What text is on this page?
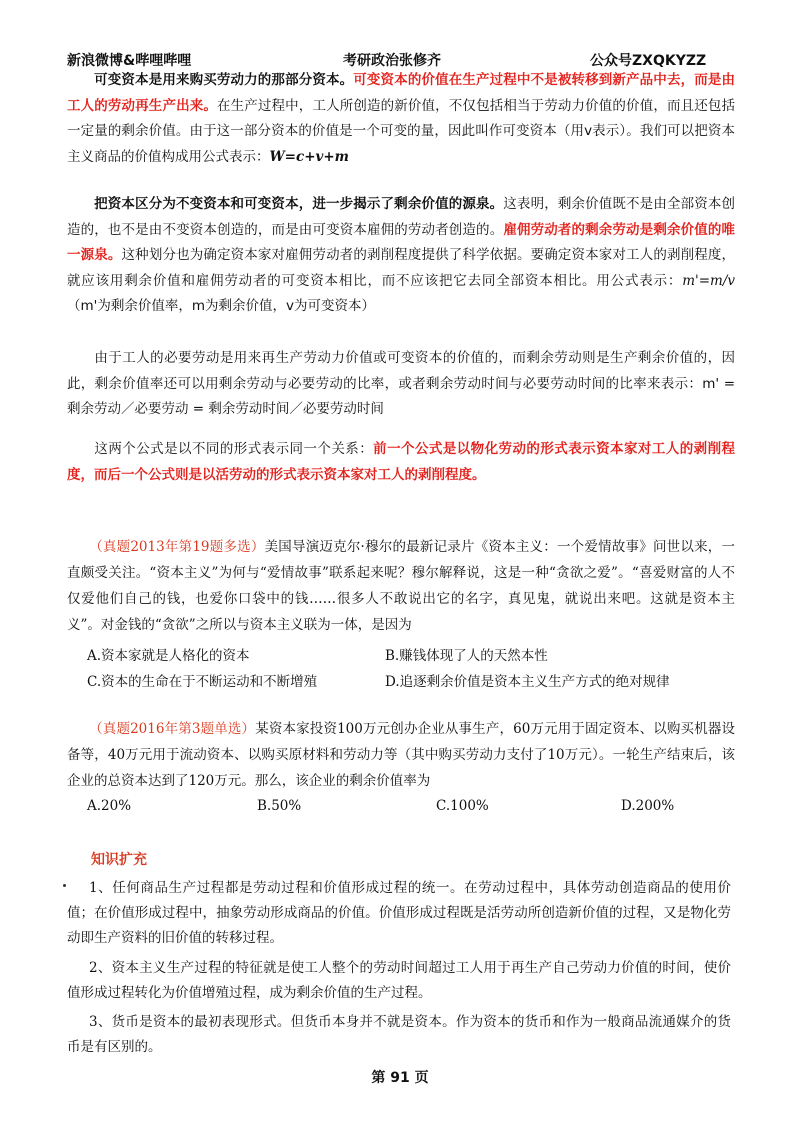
新浪微博&哔哩哔哩	考研政治张修齐	公众号ZXQKYZZ

可变资本是用来购买劳动力的那部分资本。可变资本的价值在生产过程中不是被转移到新产品中去，而是由工人的劳动再生产出来。在生产过程中，工人所创造的新价值，不仅包括相当于劳动力价值的价值，而且还包括一定量的剩余价值。由于这一部分资本的价值是一个可变的量，因此叫作可变资本（用v表示）。我们可以把资本主义商品的价值构成用公式表示：W=c+v+m

把资本区分为不变资本和可变资本，进一步揭示了剩余价值的源泉。这表明，剩余价值既不是由全部资本创造的，也不是由不变资本创造的，而是由可变资本雇佣的劳动者创造的。雇佣劳动者的剩余劳动是剩余价值的唯一源泉。这种划分也为确定资本家对雇佣劳动者的剥削程度提供了科学依据。要确定资本家对工人的剥削程度，就应该用剩余价值和雇佣劳动者的可变资本相比，而不应该把它去同全部资本相比。用公式表示：m'=m/v（m'为剩余价值率，m为剩余价值，v为可变资本）

由于工人的必要劳动是用来再生产劳动力价值或可变资本的价值的，而剩余劳动则是生产剩余价值的，因此，剩余价值率还可以用剩余劳动与必要劳动的比率，或者剩余劳动时间与必要劳动时间的比率来表示：m' = 剩余劳动／必要劳动 = 剩余劳动时间／必要劳动时间

这两个公式是以不同的形式表示同一个关系：前一个公式是以物化劳动的形式表示资本家对工人的剥削程度，而后一个公式则是以活劳动的形式表示资本家对工人的剥削程度。

（真题2013年第19题多选）美国导演迈克尔·穆尔的最新记录片《资本主义：一个爱情故事》问世以来，一直颇受关注。“资本主义”为何与“爱情故事”联系起来呢？穆尔解释说，这是一种“贪欲之爱”。“喜爱财富的人不仅爱他们自己的钱，也爱你口袋中的钱……很多人不敢说出它的名字，真见鬼，就说出来吧。这就是资本主义”。对金钱的“贪欲”之所以与资本主义联为一体，是因为

A.资本家就是人格化的资本	B.赚钱体现了人的天然本性
C.资本的生命在于不断运动和不断增殖	D.追逐剩余价值是资本主义生产方式的绝对规律

（真题2016年第3题单选）某资本家投资100万元创办企业从事生产，60万元用于固定资本、以购买机器设备等，40万元用于流动资本、以购买原材料和劳动力等（其中购买劳动力支付了10万元）。一轮生产结束后，该企业的总资本达到了120万元。那么，该企业的剩余价值率为

A.20%	B.50%	C.100%	D.200%
知识扩充

1、任何商品生产过程都是劳动过程和价值形成过程的统一。在劳动过程中，具体劳动创造商品的使用价值；在价值形成过程中，抽象劳动形成商品的价值。价值形成过程既是活劳动所创造新价值的过程，又是物化劳动即生产资料的旧价值的转移过程。

2、资本主义生产过程的特征就是使工人整个的劳动时间超过工人用于再生产自己劳动力价值的时间，使价值形成过程转化为价值增殖过程，成为剩余价值的生产过程。

3、货币是资本的最初表现形式。但货币本身并不就是资本。作为资本的货币和作为一般商品流通媒介的货币是有区别的。

第 91 页
